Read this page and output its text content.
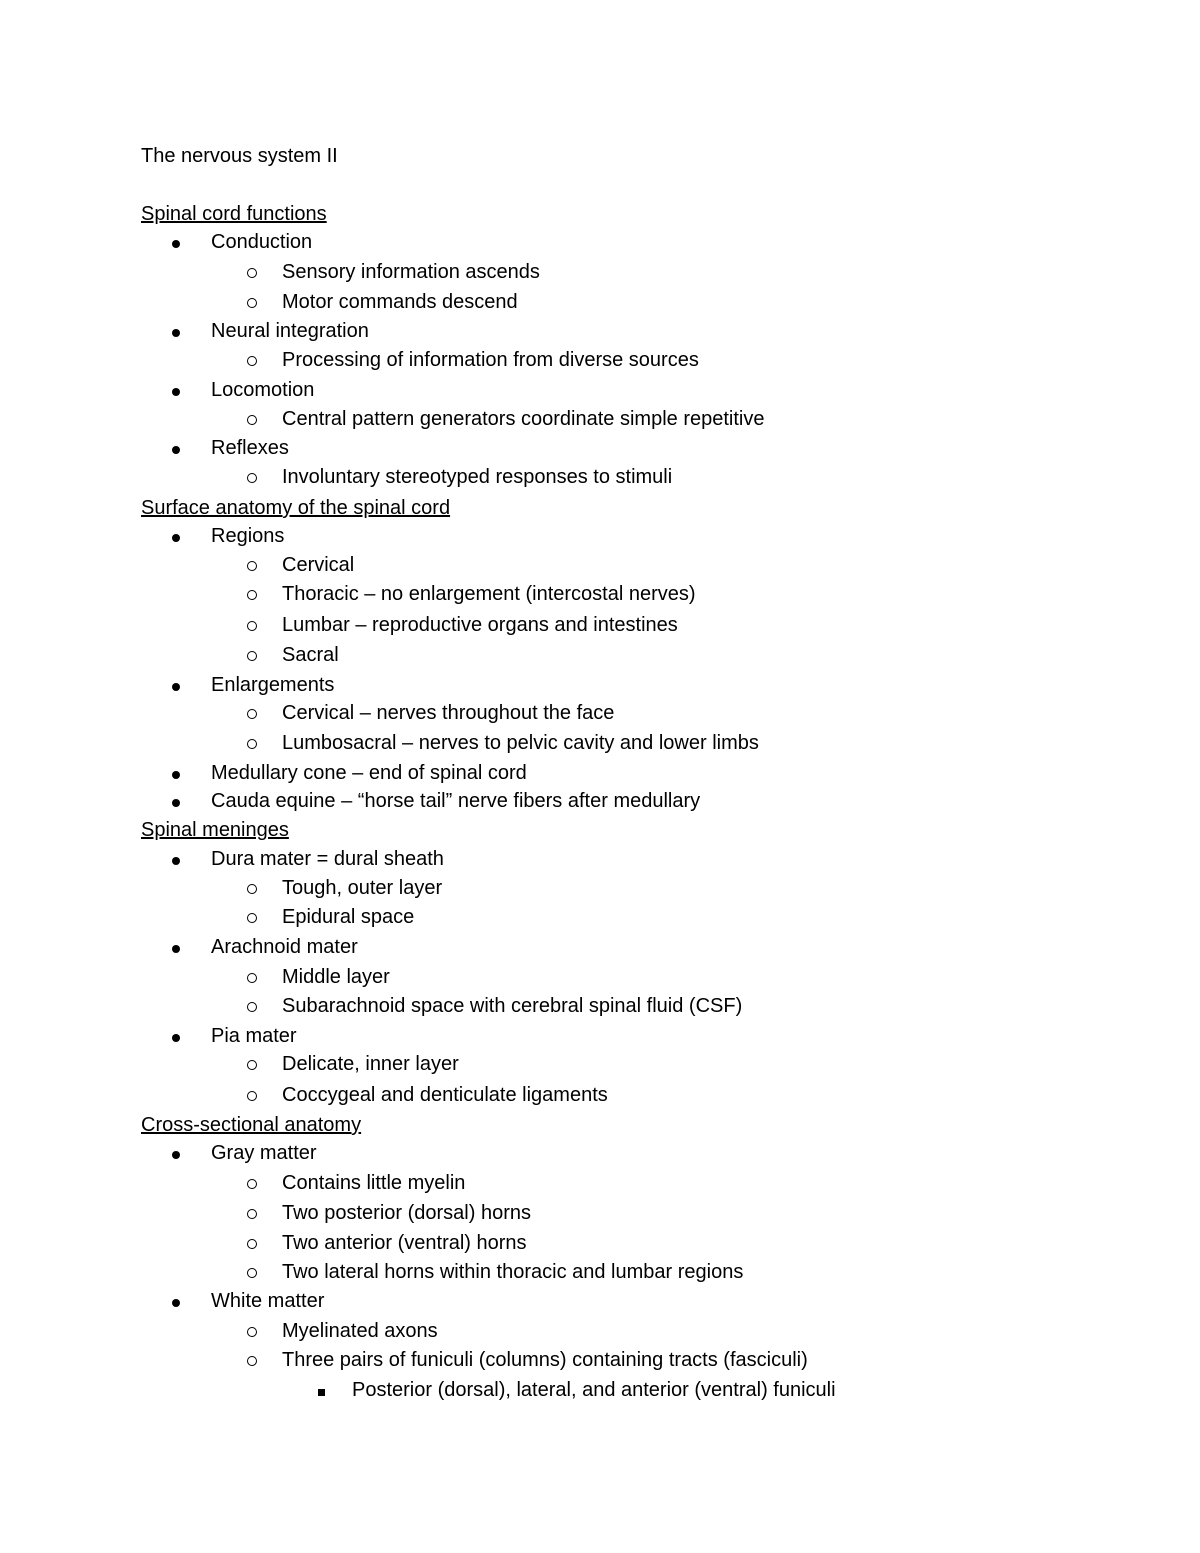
The nervous system II
Spinal cord functions
Conduction
Sensory information ascends
Motor commands descend
Neural integration
Processing of information from diverse sources
Locomotion
Central pattern generators coordinate simple repetitive
Reflexes
Involuntary stereotyped responses to stimuli
Surface anatomy of the spinal cord
Regions
Cervical
Thoracic – no enlargement (intercostal nerves)
Lumbar – reproductive organs and intestines
Sacral
Enlargements
Cervical – nerves throughout the face
Lumbosacral – nerves to pelvic cavity and lower limbs
Medullary cone – end of spinal cord
Cauda equine – “horse tail” nerve fibers after medullary
Spinal meninges
Dura mater = dural sheath
Tough, outer layer
Epidural space
Arachnoid mater
Middle layer
Subarachnoid space with cerebral spinal fluid (CSF)
Pia mater
Delicate, inner layer
Coccygeal and denticulate ligaments
Cross-sectional anatomy
Gray matter
Contains little myelin
Two posterior (dorsal) horns
Two anterior (ventral) horns
Two lateral horns within thoracic and lumbar regions
White matter
Myelinated axons
Three pairs of funiculi (columns) containing tracts (fasciculi)
Posterior (dorsal), lateral, and anterior (ventral) funiculi
